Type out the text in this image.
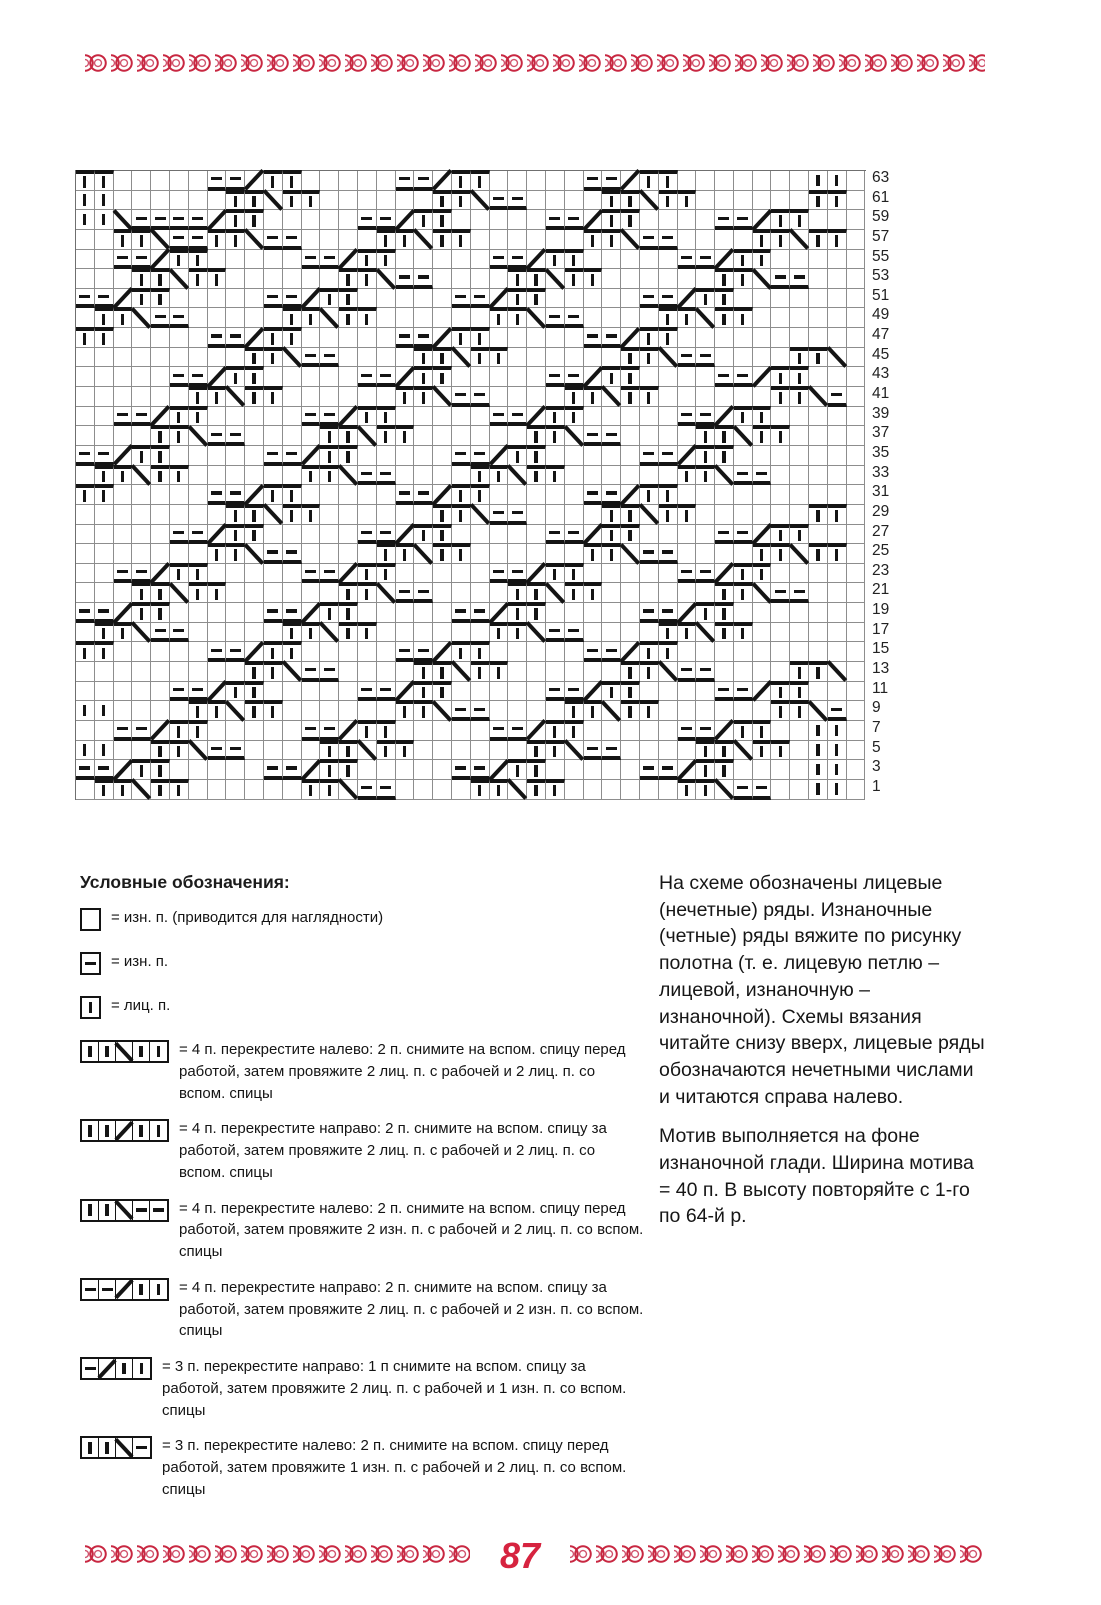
63
61
59
57
55
53
51
49
47
45
43
41
39
37
35
33
31
29
27
25
23
21
19
17
15
13
11
9
7
5
3
1
Условные обозначения:
= изн. п. (приводится для наглядности)
= изн. п.
= лиц. п.
= 4 п. перекрестите налево: 2 п. снимите на вспом. спицу перед работой, затем провяжите 2 лиц. п. с рабочей и 2 лиц. п. со вспом. спицы
= 4 п. перекрестите направо: 2 п. снимите на вспом. спицу за работой, затем провяжите 2 лиц. п. с рабочей и 2 лиц. п. со вспом. спицы
= 4 п. перекрестите налево: 2 п. снимите на вспом. спицу перед работой, затем провяжите 2 изн. п. с рабочей и 2 лиц. п. со вспом. спицы
= 4 п. перекрестите направо: 2 п. снимите на вспом. спицу за работой, затем провяжите 2 лиц. п. с рабочей и 2 изн. п. со вспом. спицы
= 3 п. перекрестите направо: 1 п снимите на вспом. спицу за работой, затем провяжите 2 лиц. п. с рабочей и 1 изн. п. со вспом. спицы
= 3 п. перекрестите налево: 2 п. снимите на вспом. спицу перед работой, затем провяжите 1 изн. п. с рабочей и 2 лиц. п. со вспом. спицы

На схеме обозначены лицевые (нечетные) ряды. Изнаночные (четные) ряды вяжите по рисунку полотна (т. е. лицевую петлю – лицевой, изнаночную – изнаночной). Схемы вязания читайте снизу вверх, лицевые ряды обозначаются нечетными числами и читаются справа налево.

Мотив выполняется на фоне изнаночной глади. Ширина мотива = 40 п. В высоту повторяйте с 1-го по 64-й р.

87
